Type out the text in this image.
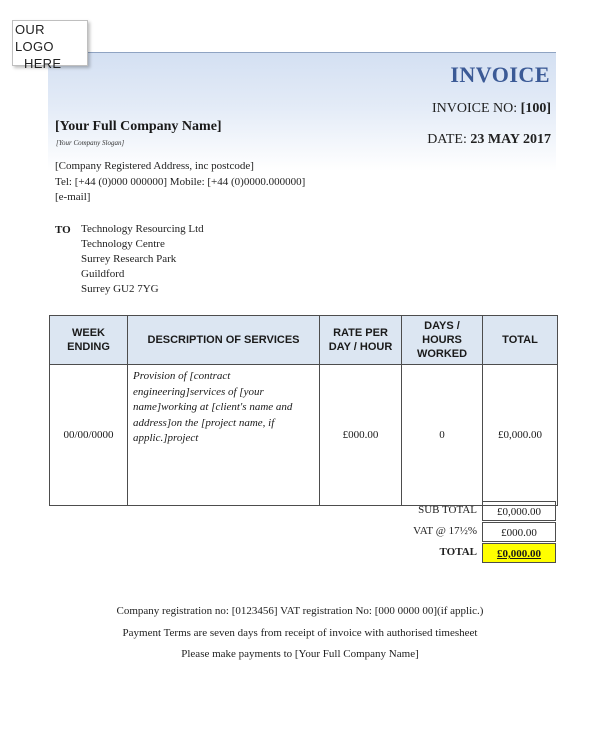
OUR LOGO
HERE	INVOICE
INVOICE NO: [100]
DATE: 23 MAY 2017
[Your Full Company Name]
[Your Company Slogan]
[Company Registered Address, inc postcode]
Tel: [+44 (0)000 000000] Mobile: [+44 (0)0000.000000]
[e-mail]
TO Technology Resourcing Ltd
Technology Centre
Surrey Research Park
Guildford
Surrey GU2 7YG
WEEK ENDING	DESCRIPTION OF SERVICES	RATE PER DAY / HOUR	DAYS / HOURS WORKED	TOTAL
00/00/0000	Provision of [contract engineering]services of [your name]working at [client's name and address]on the [project name, if applic.]project	£000.00	0	£0,000.00
SUB TOTAL	£0,000.00
VAT @ 17½%	£000.00
TOTAL	£0,000.00
Company registration no: [0123456] VAT registration No: [000 0000 00](if applic.)
Payment Terms are seven days from receipt of invoice with authorised timesheet
Please make payments to [Your Full Company Name]
